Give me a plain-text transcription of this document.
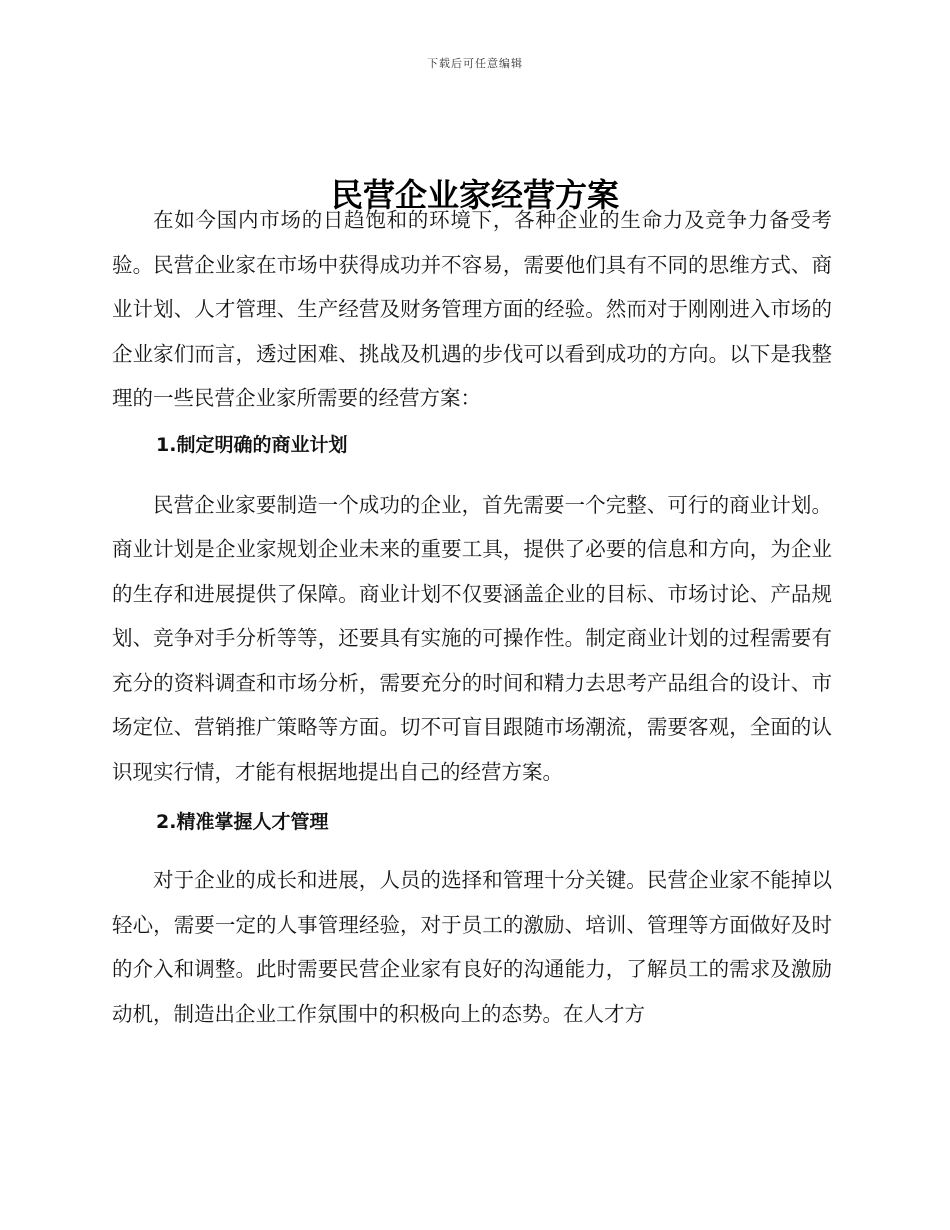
下载后可任意编辑
民营企业家经营方案

在如今国内市场的日趋饱和的环境下，各种企业的生命力及竞争力备受考验。民营企业家在市场中获得成功并不容易，需要他们具有不同的思维方式、商业计划、人才管理、生产经营及财务管理方面的经验。然而对于刚刚进入市场的企业家们而言，透过困难、挑战及机遇的步伐可以看到成功的方向。以下是我整理的一些民营企业家所需要的经营方案：

1.制定明确的商业计划

民营企业家要制造一个成功的企业，首先需要一个完整、可行的商业计划。商业计划是企业家规划企业未来的重要工具，提供了必要的信息和方向，为企业的生存和进展提供了保障。商业计划不仅要涵盖企业的目标、市场讨论、产品规划、竞争对手分析等等，还要具有实施的可操作性。制定商业计划的过程需要有充分的资料调查和市场分析，需要充分的时间和精力去思考产品组合的设计、市场定位、营销推广策略等方面。切不可盲目跟随市场潮流，需要客观，全面的认识现实行情，才能有根据地提出自己的经营方案。

2.精准掌握人才管理

对于企业的成长和进展，人员的选择和管理十分关键。民营企业家不能掉以轻心，需要一定的人事管理经验，对于员工的激励、培训、管理等方面做好及时的介入和调整。此时需要民营企业家有良好的沟通能力，了解员工的需求及激励动机，制造出企业工作氛围中的积极向上的态势。在人才方
